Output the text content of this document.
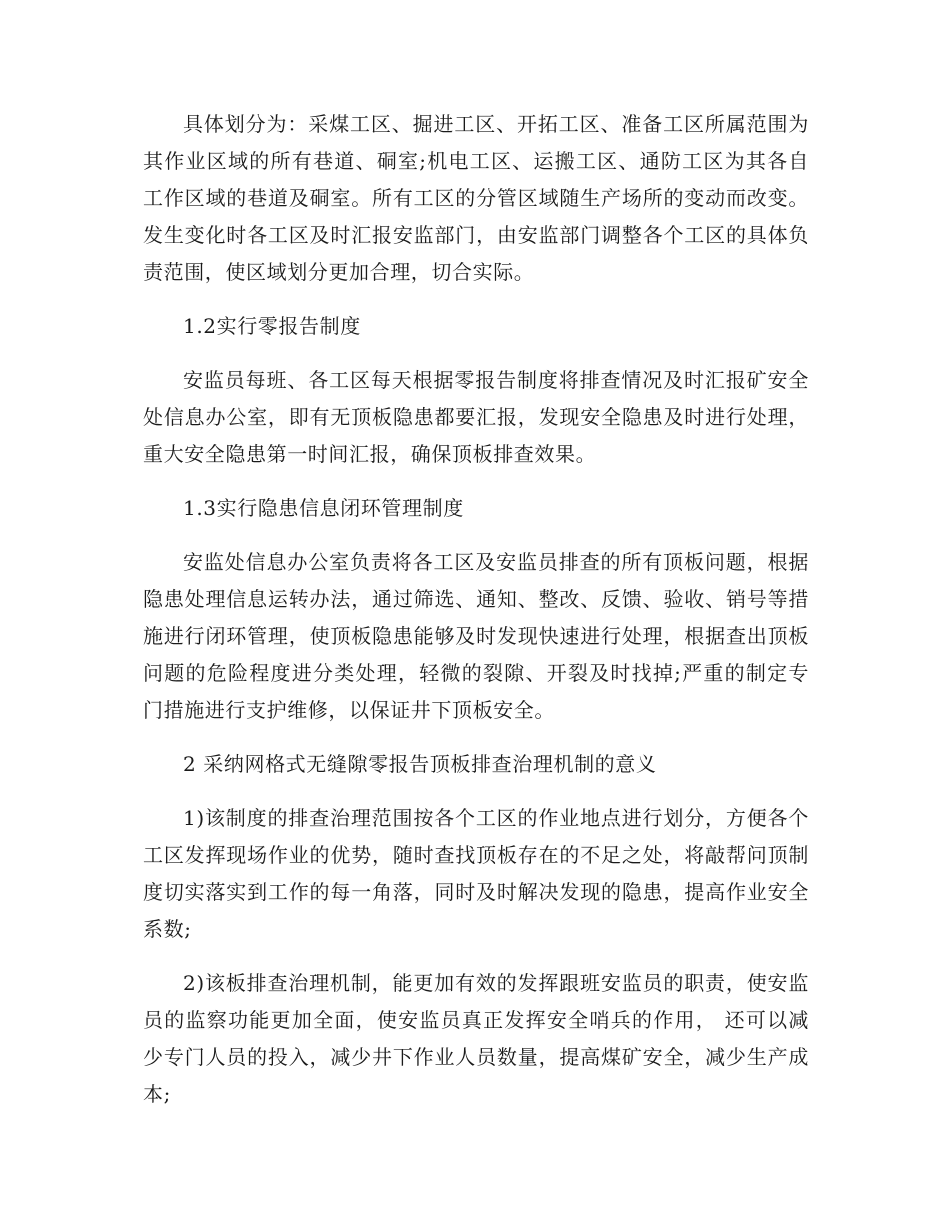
具体划分为：采煤工区、掘进工区、开拓工区、准备工区所属范围为其作业区域的所有巷道、硐室;机电工区、运搬工区、通防工区为其各自工作区域的巷道及硐室。所有工区的分管区域随生产场所的变动而改变。发生变化时各工区及时汇报安监部门，由安监部门调整各个工区的具体负责范围，使区域划分更加合理，切合实际。

1.2实行零报告制度

安监员每班、各工区每天根据零报告制度将排查情况及时汇报矿安全处信息办公室，即有无顶板隐患都要汇报，发现安全隐患及时进行处理，重大安全隐患第一时间汇报，确保顶板排查效果。

1.3实行隐患信息闭环管理制度

安监处信息办公室负责将各工区及安监员排查的所有顶板问题，根据隐患处理信息运转办法，通过筛选、通知、整改、反馈、验收、销号等措施进行闭环管理，使顶板隐患能够及时发现快速进行处理，根据查出顶板问题的危险程度进分类处理，轻微的裂隙、开裂及时找掉;严重的制定专门措施进行支护维修，以保证井下顶板安全。

2 采纳网格式无缝隙零报告顶板排查治理机制的意义

1)该制度的排查治理范围按各个工区的作业地点进行划分，方便各个工区发挥现场作业的优势，随时查找顶板存在的不足之处，将敲帮问顶制度切实落实到工作的每一角落，同时及时解决发现的隐患，提高作业安全系数;

2)该板排查治理机制，能更加有效的发挥跟班安监员的职责，使安监员的监察功能更加全面，使安监员真正发挥安全哨兵的作用， 还可以减少专门人员的投入，减少井下作业人员数量，提高煤矿安全，减少生产成本;
